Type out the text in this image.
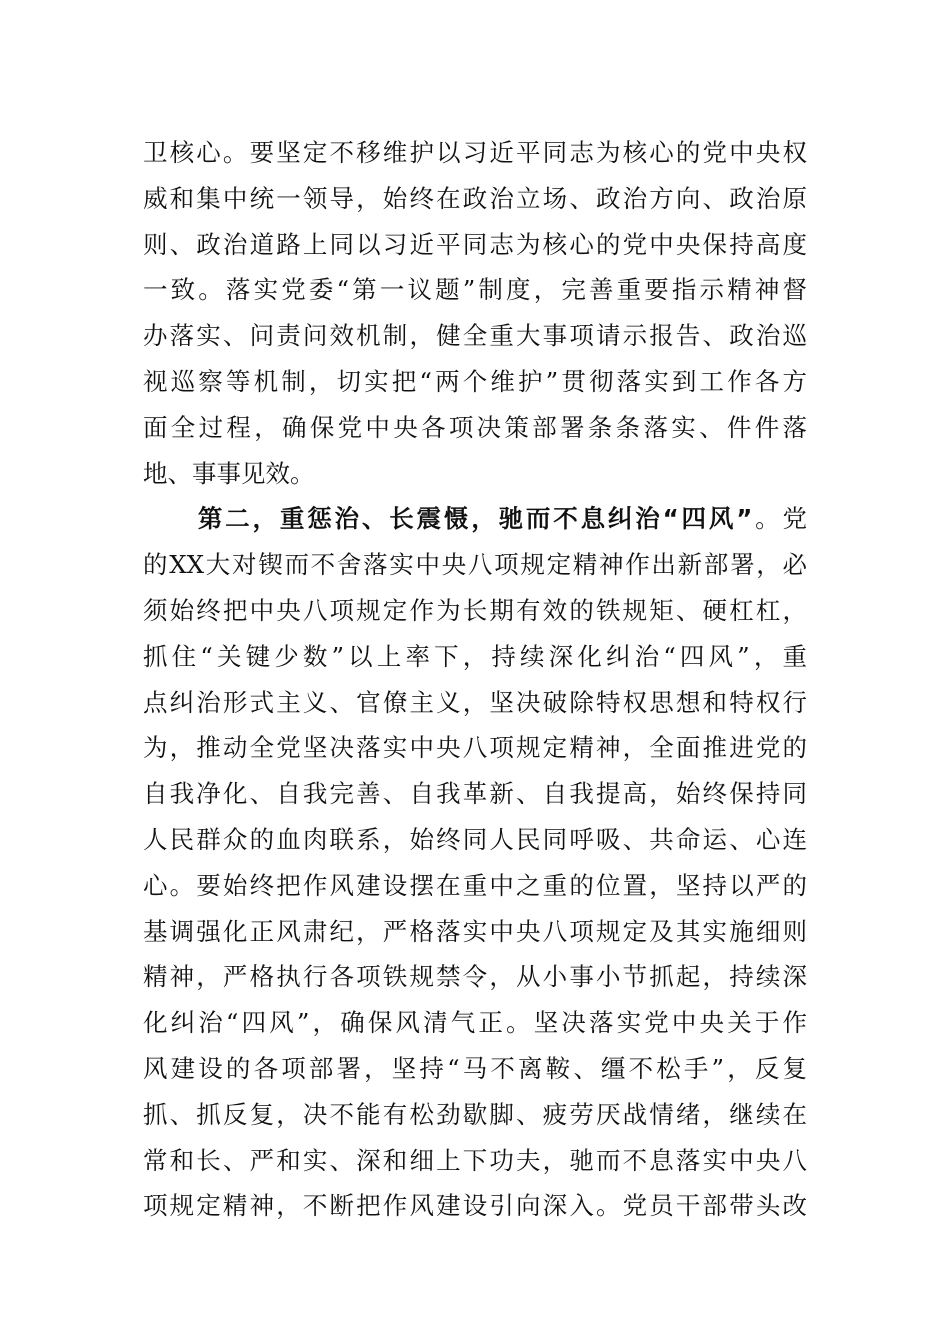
卫核心。要坚定不移维护以习近平同志为核心的党中央权
威和集中统一领导，始终在政治立场、政治方向、政治原
则、政治道路上同以习近平同志为核心的党中央保持高度
一致。落实党委“第一议题”制度，完善重要指示精神督
办落实、问责问效机制，健全重大事项请示报告、政治巡
视巡察等机制，切实把“两个维护”贯彻落实到工作各方
面全过程，确保党中央各项决策部署条条落实、件件落
地、事事见效。
第二，重惩治、长震慑，驰而不息纠治“四风”。党
的XX大对锲而不舍落实中央八项规定精神作出新部署，必
须始终把中央八项规定作为长期有效的铁规矩、硬杠杠，
抓住“关键少数”以上率下，持续深化纠治“四风”，重
点纠治形式主义、官僚主义，坚决破除特权思想和特权行
为，推动全党坚决落实中央八项规定精神，全面推进党的
自我净化、自我完善、自我革新、自我提高，始终保持同
人民群众的血肉联系，始终同人民同呼吸、共命运、心连
心。要始终把作风建设摆在重中之重的位置，坚持以严的
基调强化正风肃纪，严格落实中央八项规定及其实施细则
精神，严格执行各项铁规禁令，从小事小节抓起，持续深
化纠治“四风”，确保风清气正。坚决落实党中央关于作
风建设的各项部署，坚持“马不离鞍、缰不松手”，反复
抓、抓反复，决不能有松劲歇脚、疲劳厌战情绪，继续在
常和长、严和实、深和细上下功夫，驰而不息落实中央八
项规定精神，不断把作风建设引向深入。党员干部带头改
